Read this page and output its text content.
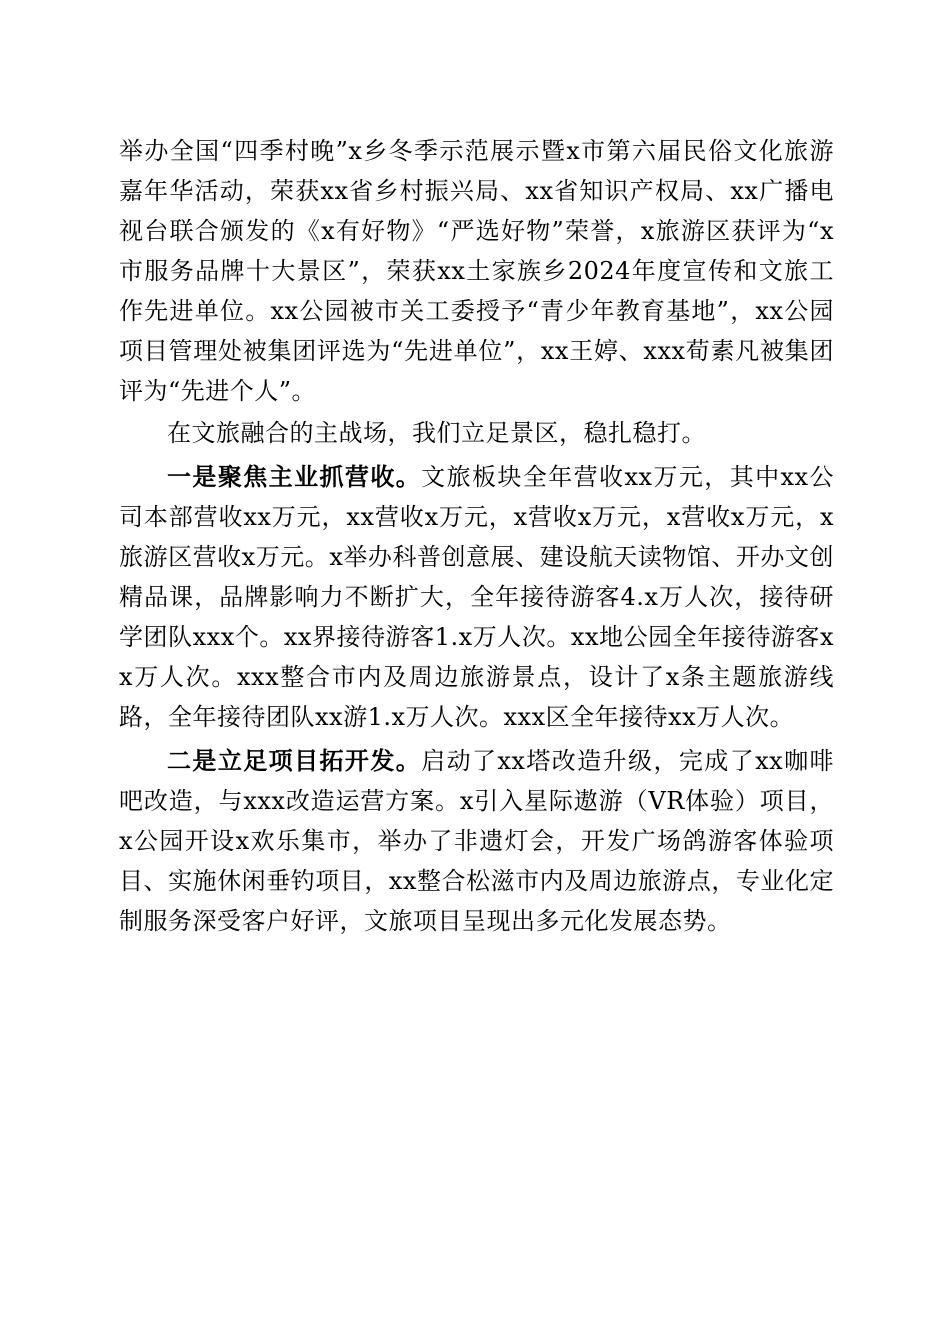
举办全国“四季村晚”x乡冬季示范展示暨x市第六届民俗文化旅游嘉年华活动，荣获xx省乡村振兴局、xx省知识产权局、xx广播电视台联合颁发的《x有好物》“严选好物”荣誉，x旅游区获评为“x市服务品牌十大景区”，荣获xx土家族乡2024年度宣传和文旅工作先进单位。xx公园被市关工委授予“青少年教育基地”，xx公园项目管理处被集团评选为“先进单位”，xx王婷、xxx荀素凡被集团评为“先进个人”。

在文旅融合的主战场，我们立足景区，稳扎稳打。

一是聚焦主业抓营收。文旅板块全年营收xx万元，其中xx公司本部营收xx万元，xx营收x万元，x营收x万元，x营收x万元，x旅游区营收x万元。x举办科普创意展、建设航天读物馆、开办文创精品课，品牌影响力不断扩大，全年接待游客4.x万人次，接待研学团队xxx个。xx界接待游客1.x万人次。xx地公园全年接待游客xx万人次。xxx整合市内及周边旅游景点，设计了x条主题旅游线路，全年接待团队xx游1.x万人次。xxx区全年接待xx万人次。

二是立足项目拓开发。启动了xx塔改造升级，完成了xx咖啡吧改造，与xxx改造运营方案。x引入星际遨游（VR体验）项目，x公园开设x欢乐集市，举办了非遗灯会，开发广场鸽游客体验项目、实施休闲垂钓项目，xx整合松滋市内及周边旅游点，专业化定制服务深受客户好评，文旅项目呈现出多元化发展态势。
